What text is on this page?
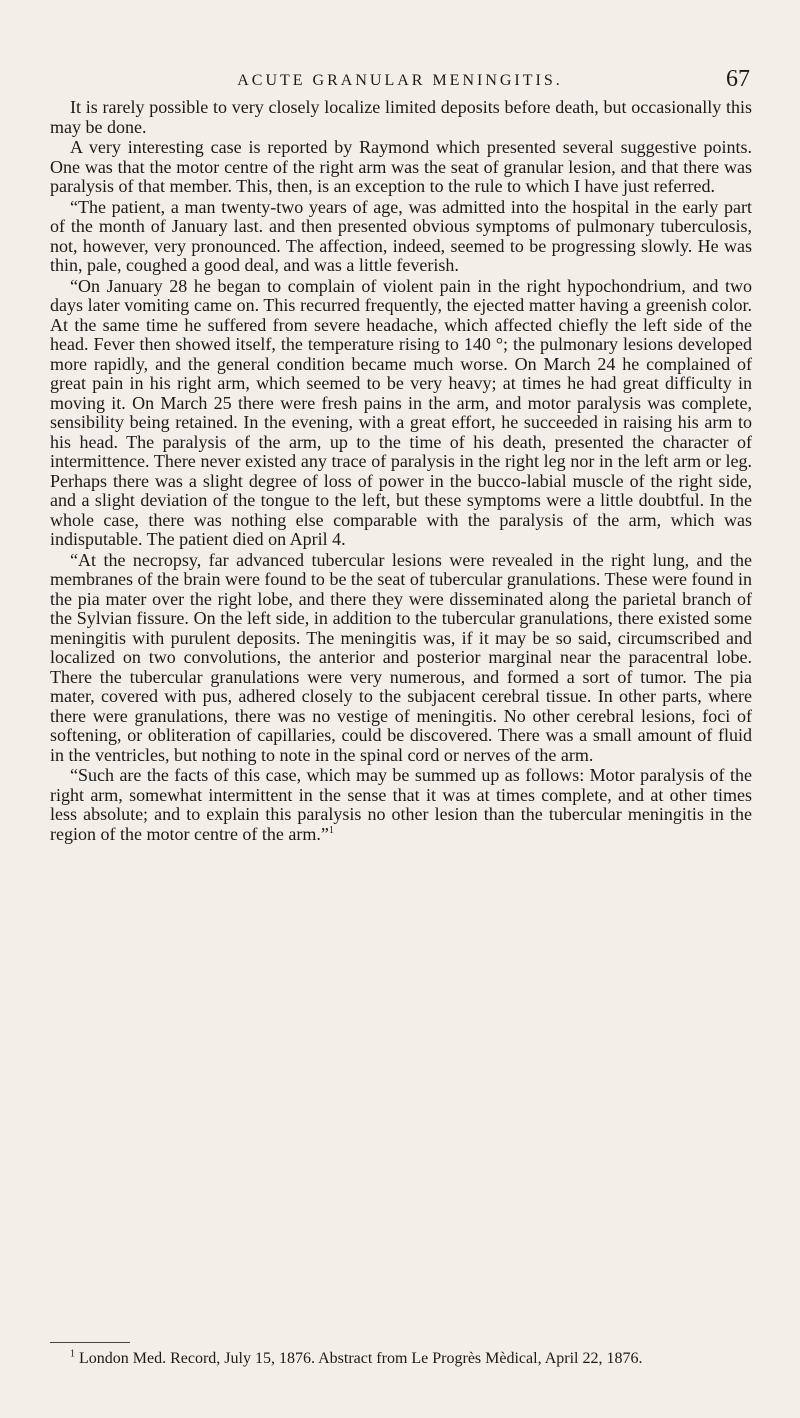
ACUTE GRANULAR MENINGITIS.	67

It is rarely possible to very closely localize limited deposits before death, but occasionally this may be done.

A very interesting case is reported by Raymond which presented several suggestive points. One was that the motor centre of the right arm was the seat of granular lesion, and that there was paralysis of that member. This, then, is an exception to the rule to which I have just referred.

“The patient, a man twenty-two years of age, was admitted into the hospital in the early part of the month of January last. and then presented obvious symptoms of pulmonary tuberculosis, not, however, very pronounced. The affection, indeed, seemed to be progressing slowly. He was thin, pale, coughed a good deal, and was a little feverish.

“On January 28 he began to complain of violent pain in the right hypochondrium, and two days later vomiting came on. This recurred frequently, the ejected matter having a greenish color. At the same time he suffered from severe headache, which affected chiefly the left side of the head. Fever then showed itself, the temperature rising to 140 °; the pulmonary lesions developed more rapidly, and the general condition became much worse. On March 24 he complained of great pain in his right arm, which seemed to be very heavy; at times he had great difficulty in moving it. On March 25 there were fresh pains in the arm, and motor paralysis was complete, sensibility being retained. In the evening, with a great effort, he succeeded in raising his arm to his head. The paralysis of the arm, up to the time of his death, presented the character of intermittence. There never existed any trace of paralysis in the right leg nor in the left arm or leg. Perhaps there was a slight degree of loss of power in the bucco-labial muscle of the right side, and a slight deviation of the tongue to the left, but these symptoms were a little doubtful. In the whole case, there was nothing else comparable with the paralysis of the arm, which was indisputable. The patient died on April 4.

“At the necropsy, far advanced tubercular lesions were revealed in the right lung, and the membranes of the brain were found to be the seat of tubercular granulations. These were found in the pia mater over the right lobe, and there they were disseminated along the parietal branch of the Sylvian fissure. On the left side, in addition to the tubercular granulations, there existed some meningitis with purulent deposits. The meningitis was, if it may be so said, circumscribed and localized on two convolutions, the anterior and posterior marginal near the paracentral lobe. There the tubercular granulations were very numerous, and formed a sort of tumor. The pia mater, covered with pus, adhered closely to the subjacent cerebral tissue. In other parts, where there were granulations, there was no vestige of meningitis. No other cerebral lesions, foci of softening, or obliteration of capillaries, could be discovered. There was a small amount of fluid in the ventricles, but nothing to note in the spinal cord or nerves of the arm.

“Such are the facts of this case, which may be summed up as follows: Motor paralysis of the right arm, somewhat intermittent in the sense that it was at times complete, and at other times less absolute; and to explain this paralysis no other lesion than the tubercular meningitis in the region of the motor centre of the arm.”$^1$

$^1$ London Med. Record, July 15, 1876. Abstract from Le Progrès Mèdical, April 22, 1876.
